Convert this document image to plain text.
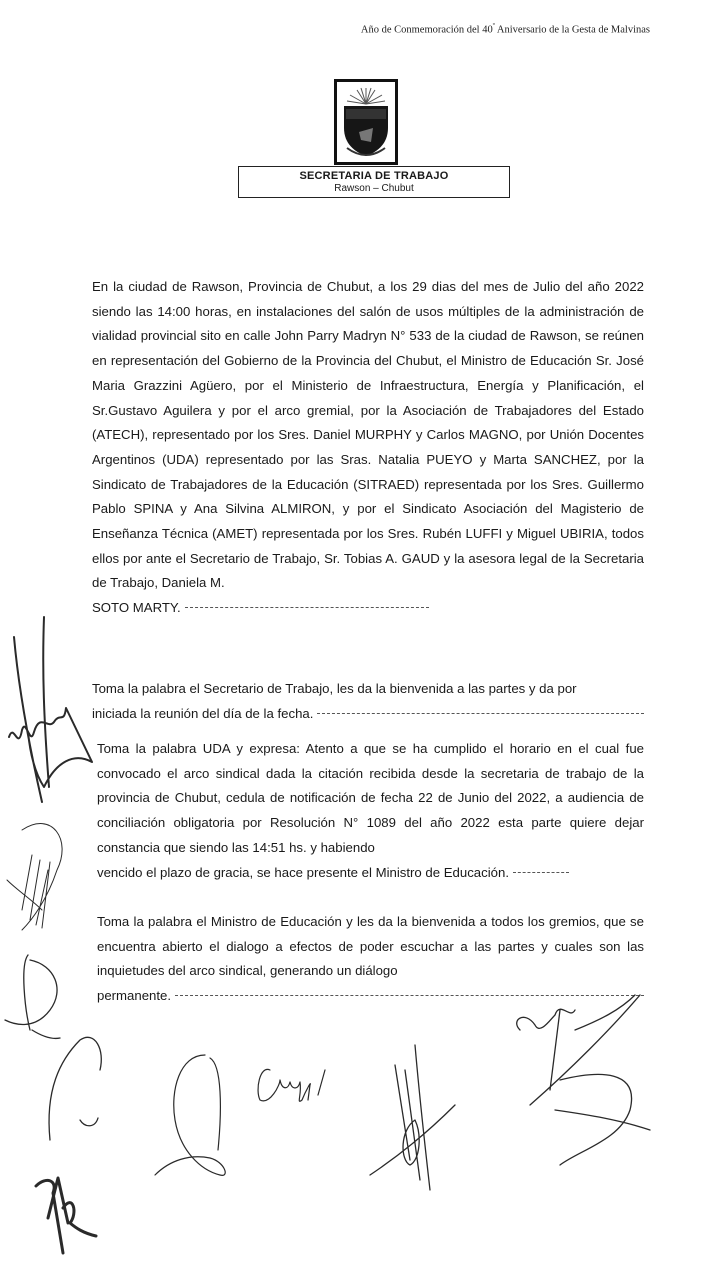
Año de Conmemoración del $40^º$ Aniversario de la Gesta de Malvinas
SECRETARIA DE TRABAJO
Rawson – Chubut
En la ciudad de Rawson, Provincia de Chubut, a los 29 dias del mes de Julio del año 2022 siendo las 14:00 horas, en instalaciones del salón de usos múltiples de la administración de vialidad provincial sito en calle John Parry Madryn N° 533 de la ciudad de Rawson, se reúnen en representación del Gobierno de la Provincia del Chubut, el Ministro de Educación Sr. José Maria Grazzini Agüero, por el Ministerio de Infraestructura, Energía y Planificación, el Sr.Gustavo Aguilera y por el arco gremial, por la Asociación de Trabajadores del Estado (ATECH), representado por los Sres. Daniel MURPHY y Carlos MAGNO, por Unión Docentes Argentinos (UDA) representado por las Sras. Natalia PUEYO y Marta SANCHEZ, por la Sindicato de Trabajadores de la Educación (SITRAED) representada por los Sres. Guillermo Pablo SPINA y Ana Silvina ALMIRON, y por el Sindicato Asociación del Magisterio de Enseñanza Técnica (AMET) representada por los Sres. Rubén LUFFI y Miguel UBIRIA, todos ellos por ante el Secretario de Trabajo, Sr. Tobias A. GAUD y la asesora legal de la Secretaria de Trabajo, Daniela M.
SOTO MARTY.
Toma la palabra el Secretario de Trabajo, les da la bienvenida a las partes y da por
iniciada la reunión del día de la fecha.
Toma la palabra UDA y expresa: Atento a que se ha cumplido el horario en el cual fue convocado el arco sindical dada la citación recibida desde la secretaria de trabajo de la provincia de Chubut, cedula de notificación de fecha 22 de Junio del 2022, a audiencia de conciliación obligatoria por Resolución N° 1089 del año 2022 esta parte quiere dejar constancia que siendo las 14:51 hs. y habiendo
vencido el plazo de gracia, se hace presente el Ministro de Educación.
Toma la palabra el Ministro de Educación y les da la bienvenida a todos los gremios, que se encuentra abierto el dialogo a efectos de poder escuchar a las partes y cuales son las inquietudes del arco sindical, generando un diálogo
permanente.
